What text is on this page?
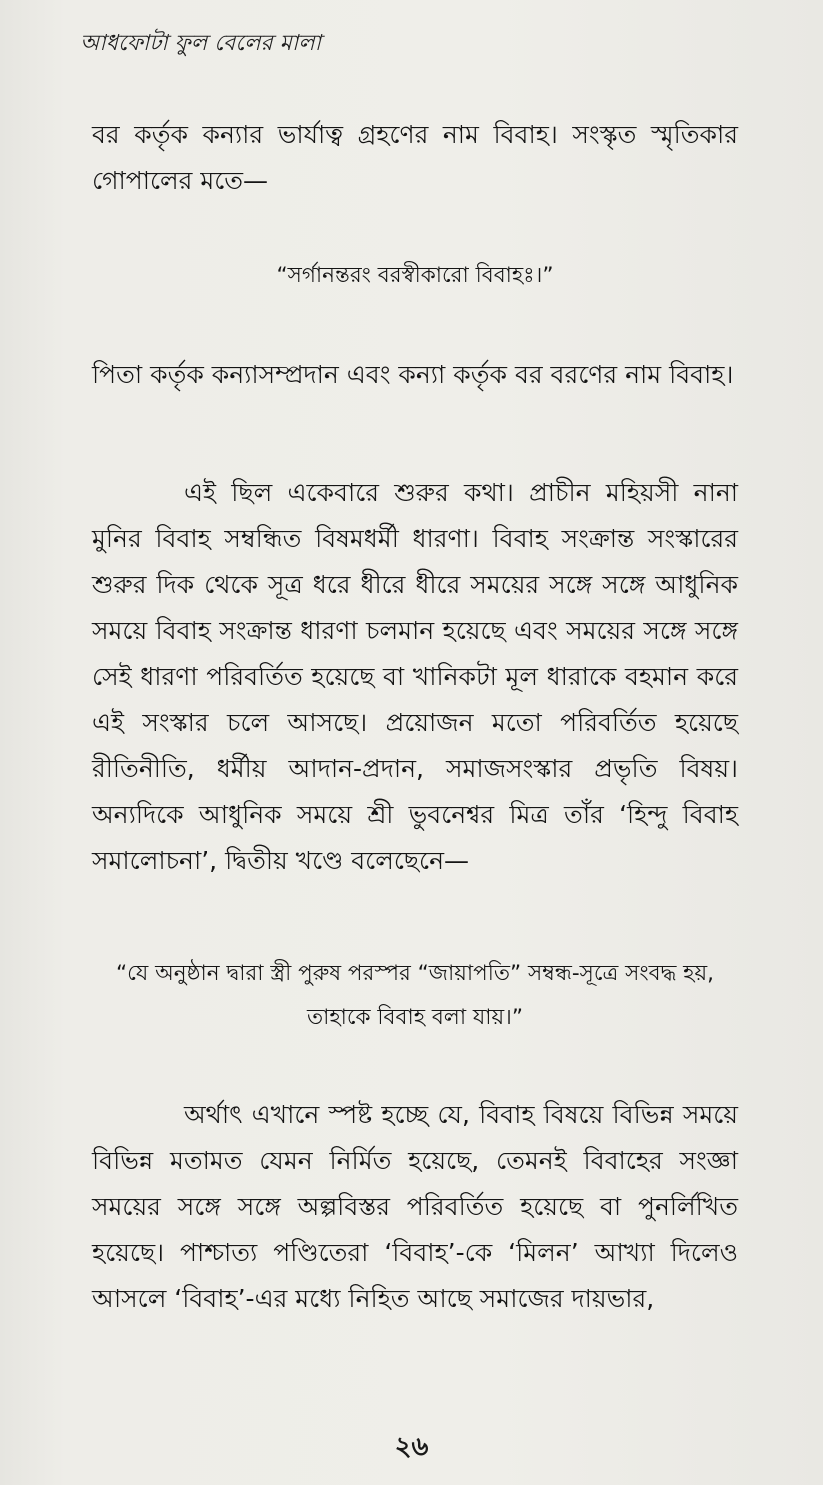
আধফোটা ফুল বেলের মালা

বর কর্তৃক কন্যার ভার্যাত্ব গ্রহণের নাম বিবাহ। সংস্কৃত স্মৃতিকার গোপালের মতে—

“সর্গানন্তরং বরস্বীকারো বিবাহঃ।”

পিতা কর্তৃক কন্যাসম্প্রদান এবং কন্যা কর্তৃক বর বরণের নাম বিবাহ।

এই ছিল একেবারে শুরুর কথা। প্রাচীন মহিয়সী নানা মুনির বিবাহ সম্বন্ধিত বিষমধর্মী ধারণা। বিবাহ সংক্রান্ত সংস্কারের শুরুর দিক থেকে সূত্র ধরে ধীরে ধীরে সময়ের সঙ্গে সঙ্গে আধুনিক সময়ে বিবাহ সংক্রান্ত ধারণা চলমান হয়েছে এবং সময়ের সঙ্গে সঙ্গে সেই ধারণা পরিবর্তিত হয়েছে বা খানিকটা মূল ধারাকে বহমান করে এই সংস্কার চলে আসছে। প্রয়োজন মতো পরিবর্তিত হয়েছে রীতিনীতি, ধর্মীয় আদান-প্রদান, সমাজসংস্কার প্রভৃতি বিষয়। অন্যদিকে আধুনিক সময়ে শ্রী ভুবনেশ্বর মিত্র তাঁর ‘হিন্দু বিবাহ সমালোচনা’, দ্বিতীয় খণ্ডে বলেছেনে—

“যে অনুষ্ঠান দ্বারা স্ত্রী পুরুষ পরস্পর “জায়াপতি” সম্বন্ধ-সূত্রে সংবদ্ধ হয়, তাহাকে বিবাহ বলা যায়।”

অর্থাৎ এখানে স্পষ্ট হচ্ছে যে, বিবাহ বিষয়ে বিভিন্ন সময়ে বিভিন্ন মতামত যেমন নির্মিত হয়েছে, তেমনই বিবাহের সংজ্ঞা সময়ের সঙ্গে সঙ্গে অল্পবিস্তর পরিবর্তিত হয়েছে বা পুনর্লিখিত হয়েছে। পাশ্চাত্য পণ্ডিতেরা ‘বিবাহ’-কে ‘মিলন’ আখ্যা দিলেও আসলে ‘বিবাহ’-এর মধ্যে নিহিত আছে সমাজের দায়ভার,

২৬
